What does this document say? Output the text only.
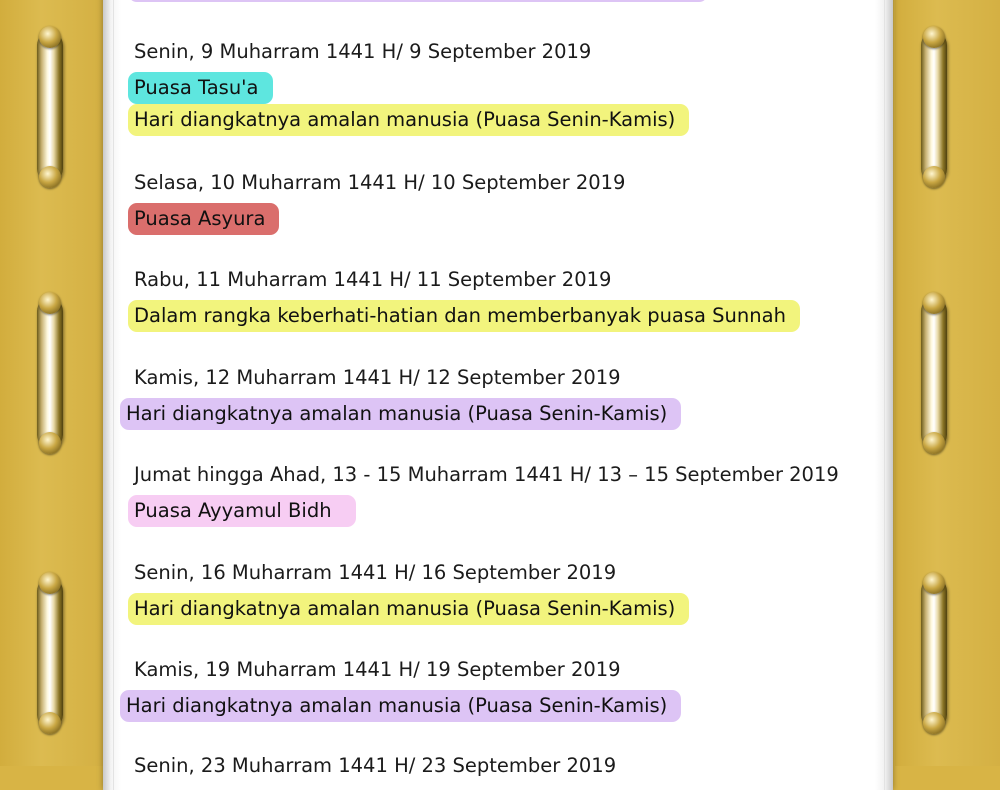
Senin, 9 Muharram 1441 H/ 9 September 2019
Puasa Tasu'a
Hari diangkatnya amalan manusia (Puasa Senin-Kamis)
Selasa, 10 Muharram 1441 H/ 10 September 2019
Puasa Asyura
Rabu, 11 Muharram 1441 H/ 11 September 2019
Dalam rangka keberhati-hatian dan memberbanyak puasa Sunnah
Kamis, 12 Muharram 1441 H/ 12 September 2019
Hari diangkatnya amalan manusia (Puasa Senin-Kamis)
Jumat hingga Ahad, 13 - 15 Muharram 1441 H/ 13 – 15 September 2019
Puasa Ayyamul Bidh
Senin, 16 Muharram 1441 H/ 16 September 2019
Hari diangkatnya amalan manusia (Puasa Senin-Kamis)
Kamis, 19 Muharram 1441 H/ 19 September 2019
Hari diangkatnya amalan manusia (Puasa Senin-Kamis)
Senin, 23 Muharram 1441 H/ 23 September 2019
